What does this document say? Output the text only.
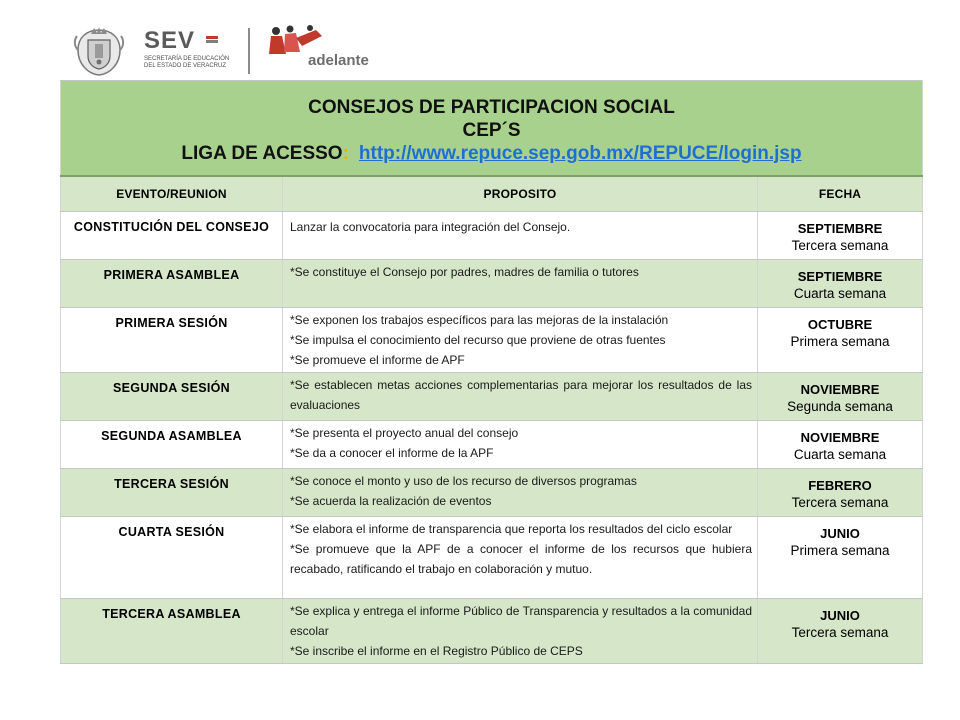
SEV
SECRETARÍA DE EDUCACIÓN
DEL ESTADO DE VERACRUZ	adelante
CONSEJOS DE PARTICIPACION SOCIAL
CEP´S
LIGA DE ACESSO: http://www.repuce.sep.gob.mx/REPUCE/login.jsp		

EVENTO/REUNION	PROPOSITO	FECHA
CONSTITUCIÓN DEL CONSEJO	Lanzar la convocatoria para integración del Consejo.	SEPTIEMBRE
Tercera semana

PRIMERA ASAMBLEA	*Se constituye el Consejo por padres, madres de familia o tutores	SEPTIEMBRE
Cuarta semana

PRIMERA SESIÓN	*Se exponen los trabajos específicos para las mejoras de la instalación
*Se impulsa el conocimiento del recurso que proviene de otras fuentes
*Se promueve el informe de APF	OCTUBRE
Primera semana

SEGUNDA SESIÓN	*Se establecen metas acciones complementarias para mejorar los resultados de las evaluaciones	NOVIEMBRE
Segunda semana

SEGUNDA ASAMBLEA	*Se presenta el proyecto anual del consejo
*Se da a conocer el informe de la APF	NOVIEMBRE
Cuarta semana

TERCERA SESIÓN	*Se conoce el monto y uso de los recurso de diversos programas
*Se acuerda la realización de eventos	FEBRERO
Tercera semana

CUARTA SESIÓN	*Se elabora el informe de transparencia que reporta los resultados del ciclo escolar
*Se promueve que la APF de a conocer el informe de los recursos que hubiera recabado, ratificando el trabajo en colaboración y mutuo.	JUNIO
Primera semana

TERCERA ASAMBLEA	*Se explica y entrega el informe Público de Transparencia y resultados a la comunidad escolar
*Se inscribe el informe en el Registro Público de CEPS	JUNIO
Tercera semana
